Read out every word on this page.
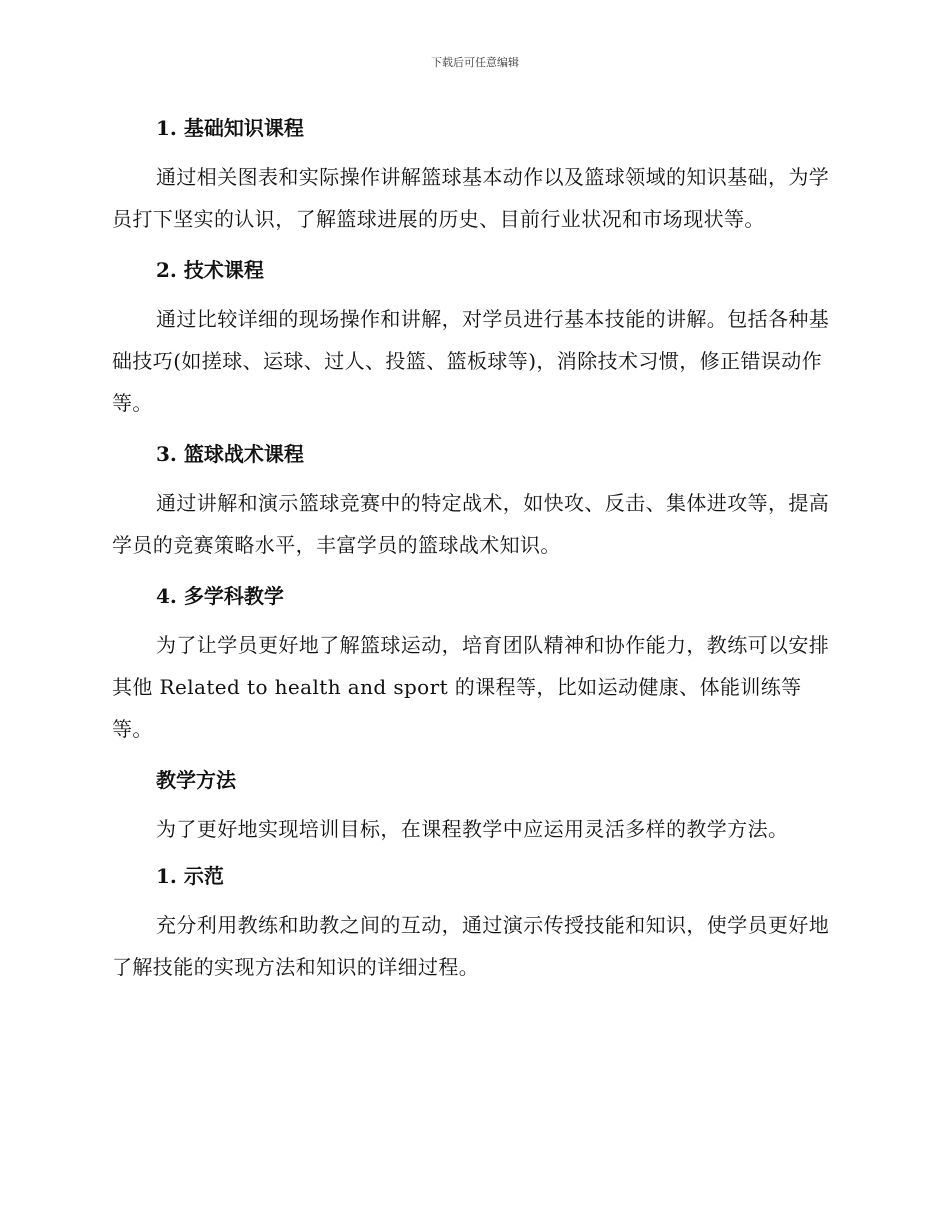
下载后可任意编辑
1. 基础知识课程

通过相关图表和实际操作讲解篮球基本动作以及篮球领域的知识基础，为学员打下坚实的认识，了解篮球进展的历史、目前行业状况和市场现状等。

2. 技术课程

通过比较详细的现场操作和讲解，对学员进行基本技能的讲解。包括各种基础技巧(如搓球、运球、过人、投篮、篮板球等)，消除技术习惯，修正错误动作等。

3. 篮球战术课程

通过讲解和演示篮球竞赛中的特定战术，如快攻、反击、集体进攻等，提高学员的竞赛策略水平，丰富学员的篮球战术知识。

4. 多学科教学

为了让学员更好地了解篮球运动，培育团队精神和协作能力，教练可以安排其他 Related to health and sport 的课程等，比如运动健康、体能训练等等。

教学方法

为了更好地实现培训目标，在课程教学中应运用灵活多样的教学方法。

1. 示范

充分利用教练和助教之间的互动，通过演示传授技能和知识，使学员更好地了解技能的实现方法和知识的详细过程。
